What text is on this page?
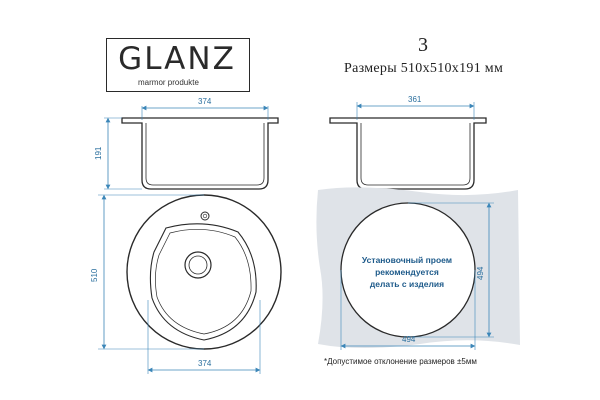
GLANZ
marmor produkte
3
Размеры 510x510x191 мм
374
191
361
510
374
494
494
Установочный проем
рекомендуется
делать с изделия
*Допустимое отклонение размеров ±5мм
